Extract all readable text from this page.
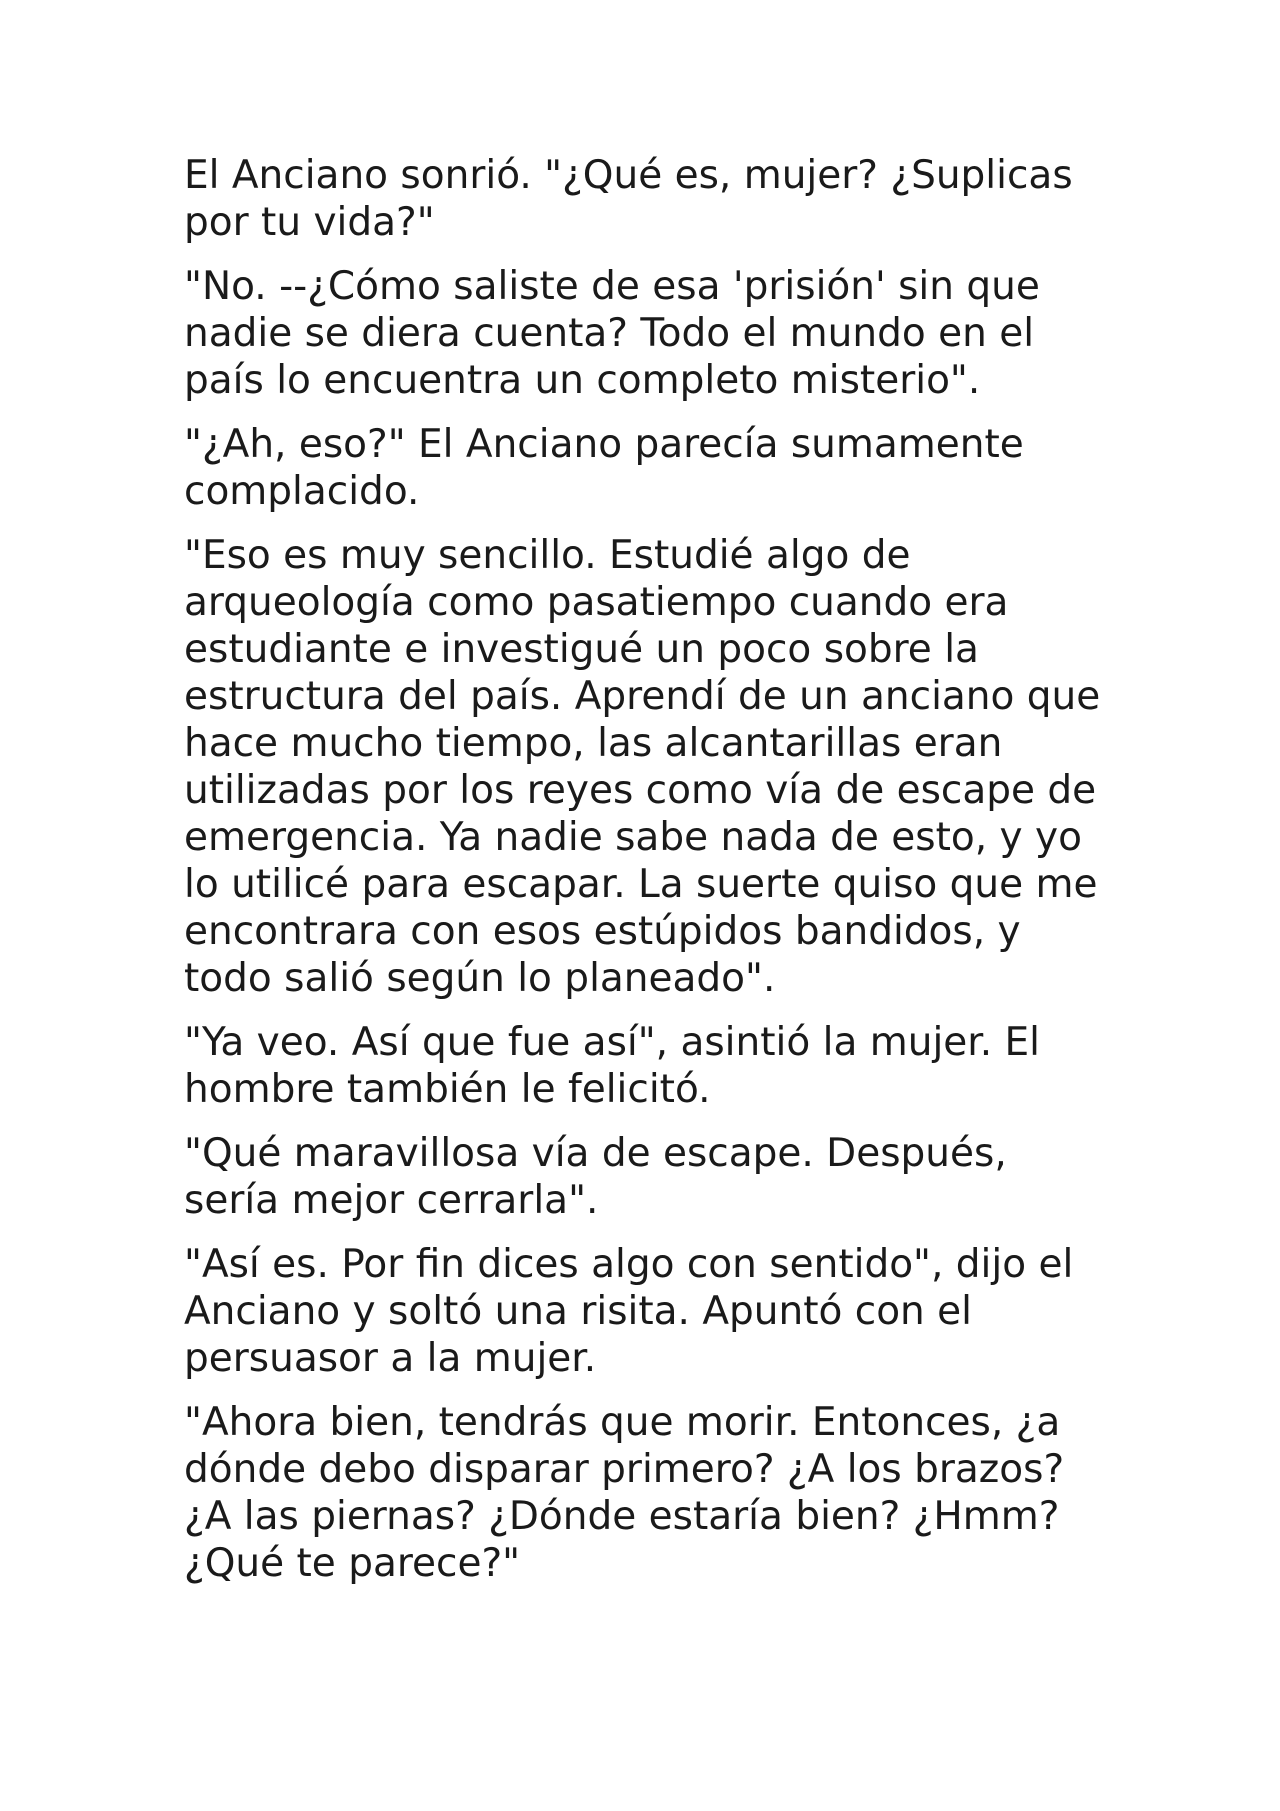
El Anciano sonrió. "¿Qué es, mujer? ¿Suplicas
por tu vida?"

"No. --¿Cómo saliste de esa 'prisión' sin que
nadie se diera cuenta? Todo el mundo en el
país lo encuentra un completo misterio".

"¿Ah, eso?" El Anciano parecía sumamente
complacido.

"Eso es muy sencillo. Estudié algo de
arqueología como pasatiempo cuando era
estudiante e investigué un poco sobre la
estructura del país. Aprendí de un anciano que
hace mucho tiempo, las alcantarillas eran
utilizadas por los reyes como vía de escape de
emergencia. Ya nadie sabe nada de esto, y yo
lo utilicé para escapar. La suerte quiso que me
encontrara con esos estúpidos bandidos, y
todo salió según lo planeado".

"Ya veo. Así que fue así", asintió la mujer. El
hombre también le felicitó.

"Qué maravillosa vía de escape. Después,
sería mejor cerrarla".

"Así es. Por fin dices algo con sentido", dijo el
Anciano y soltó una risita. Apuntó con el
persuasor a la mujer.

"Ahora bien, tendrás que morir. Entonces, ¿a
dónde debo disparar primero? ¿A los brazos?
¿A las piernas? ¿Dónde estaría bien? ¿Hmm?
¿Qué te parece?"
